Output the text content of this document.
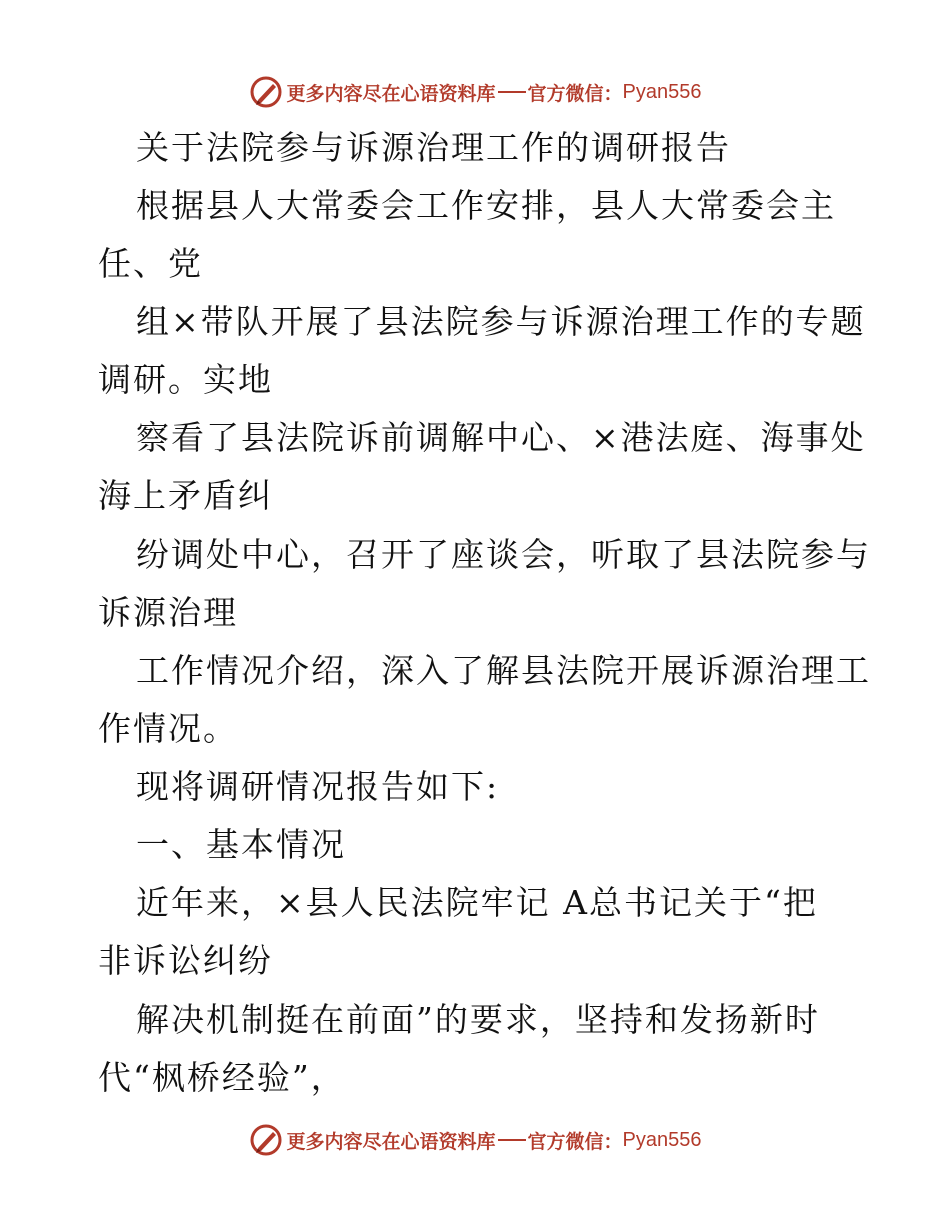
更多内容尽在心语资料库 官方微信： Pyan556
关于法院参与诉源治理工作的调研报告
根据县人大常委会工作安排，县人大常委会主
任、党
组×带队开展了县法院参与诉源治理工作的专题
调研。实地
察看了县法院诉前调解中心、×港法庭、海事处
海上矛盾纠
纷调处中心，召开了座谈会，听取了县法院参与
诉源治理
工作情况介绍，深入了解县法院开展诉源治理工
作情况。
现将调研情况报告如下:
一、基本情况
近年来，×县人民法院牢记 A总书记关于“把
非诉讼纠纷
解决机制挺在前面”的要求，坚持和发扬新时
代“枫桥经验”，
更多内容尽在心语资料库 官方微信： Pyan556
